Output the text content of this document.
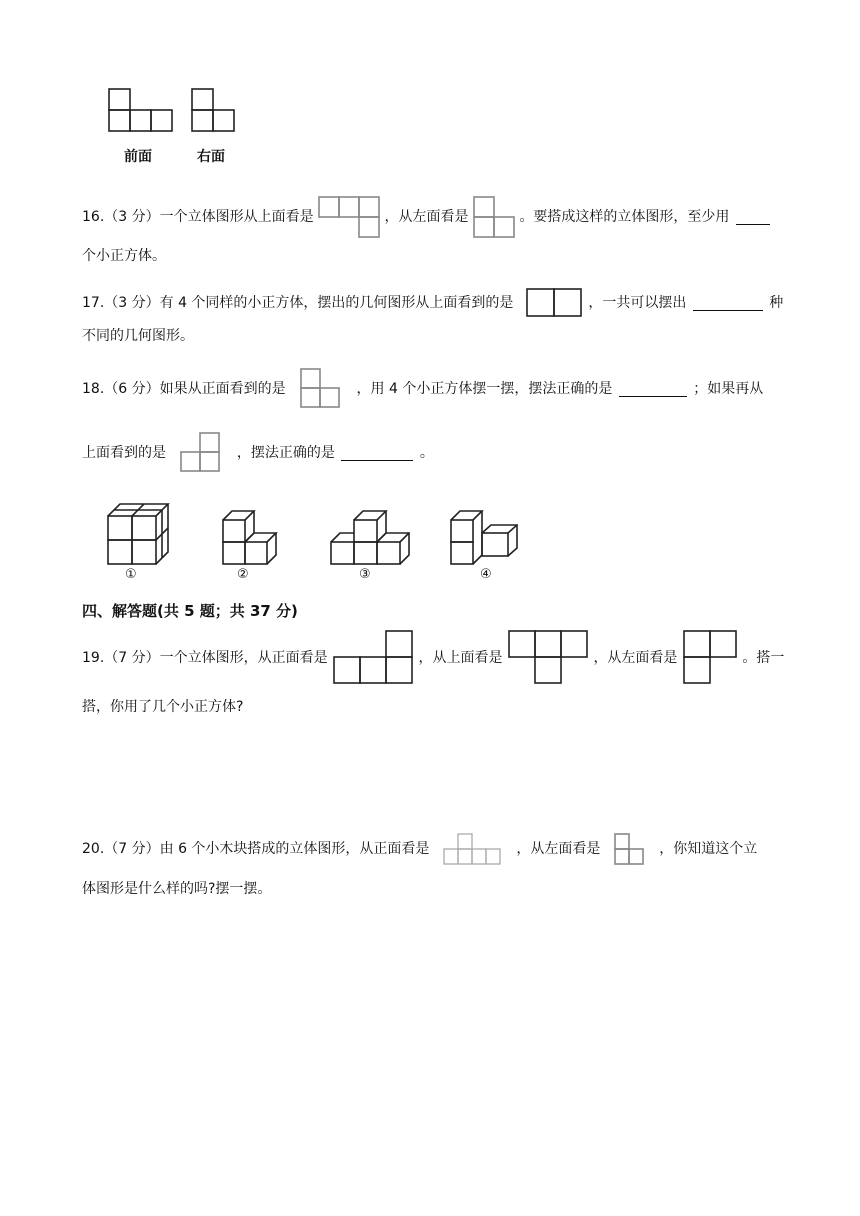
前面	右面
16.（3 分）一个立体图形从上面看是	，从左面看是	。要搭成这样的立体图形，至少用
个小正方体。
17.（3 分）有 4 个同样的小正方体，摆出的几何图形从上面看到的是	，一共可以摆出	种
不同的几何图形。
18.（6 分）如果从正面看到的是	，用 4 个小正方体摆一摆，摆法正确的是	；如果再从
上面看到的是	，摆法正确的是	。
①	②	③	④
四、解答题(共 5 题；共 37 分)
19.（7 分）一个立体图形，从正面看是	，从上面看是	，从左面看是	。搭一
搭，你用了几个小正方体?
20.（7 分）由 6 个小木块搭成的立体图形，从正面看是	，从左面看是	，你知道这个立
体图形是什么样的吗?摆一摆。
